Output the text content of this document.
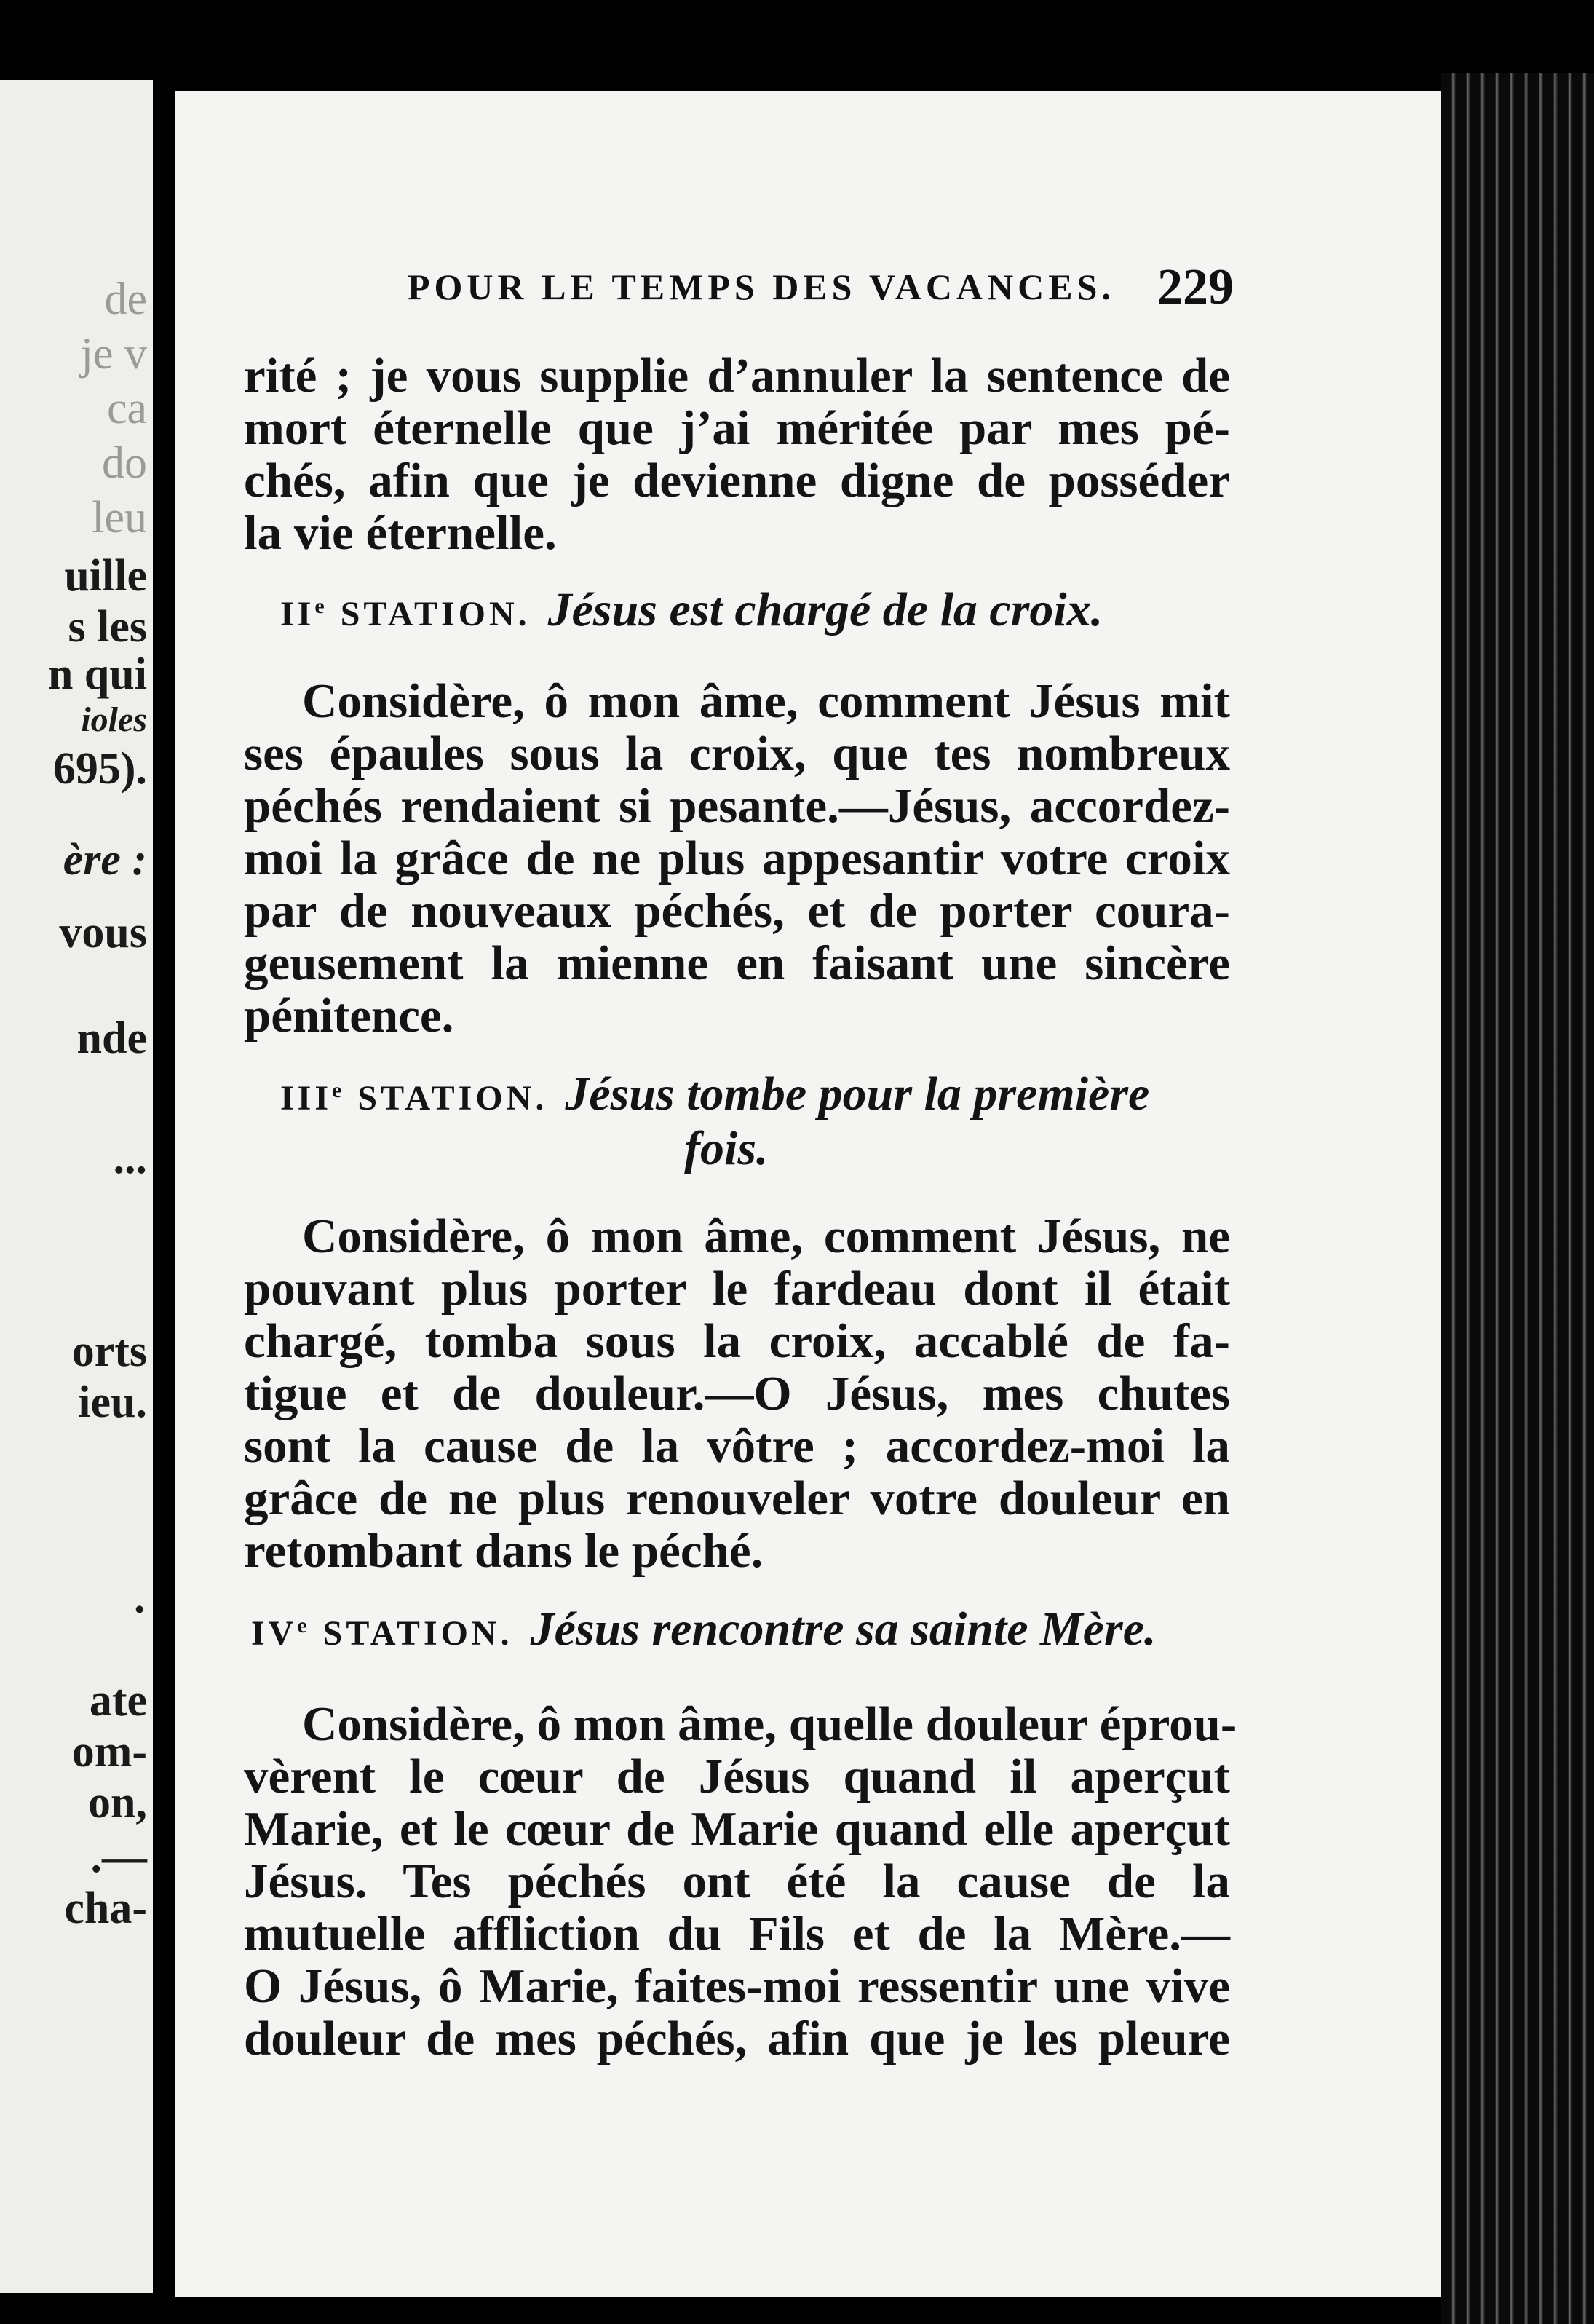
de
je v
ca
do
leu
uille
s les
n qui
ioles
695).
ère :
vous
nde
...
orts
ieu.
·
ate
om-
on,
.—
cha-
POUR LE TEMPS DES VACANCES. 229
rité ; je vous supplie d’annuler la sentence de
mort éternelle que j’ai méritée par mes pé-
chés, afin que je devienne digne de posséder
la vie éternelle.
IIe STATION. Jésus est chargé de la croix.
Considère, ô mon âme, comment Jésus mit
ses épaules sous la croix, que tes nombreux
péchés rendaient si pesante.—Jésus, accordez-
moi la grâce de ne plus appesantir votre croix
par de nouveaux péchés, et de porter coura-
geusement la mienne en faisant une sincère
pénitence.
IIIe STATION. Jésus tombe pour la première
fois.
Considère, ô mon âme, comment Jésus, ne
pouvant plus porter le fardeau dont il était
chargé, tomba sous la croix, accablé de fa-
tigue et de douleur.—O Jésus, mes chutes
sont la cause de la vôtre ; accordez-moi la
grâce de ne plus renouveler votre douleur en
retombant dans le péché.
IVe STATION. Jésus rencontre sa sainte Mère.
Considère, ô mon âme, quelle douleur éprou-
vèrent le cœur de Jésus quand il aperçut
Marie, et le cœur de Marie quand elle aperçut
Jésus. Tes péchés ont été la cause de la
mutuelle affliction du Fils et de la Mère.—
O Jésus, ô Marie, faites-moi ressentir une vive
douleur de mes péchés, afin que je les pleure
